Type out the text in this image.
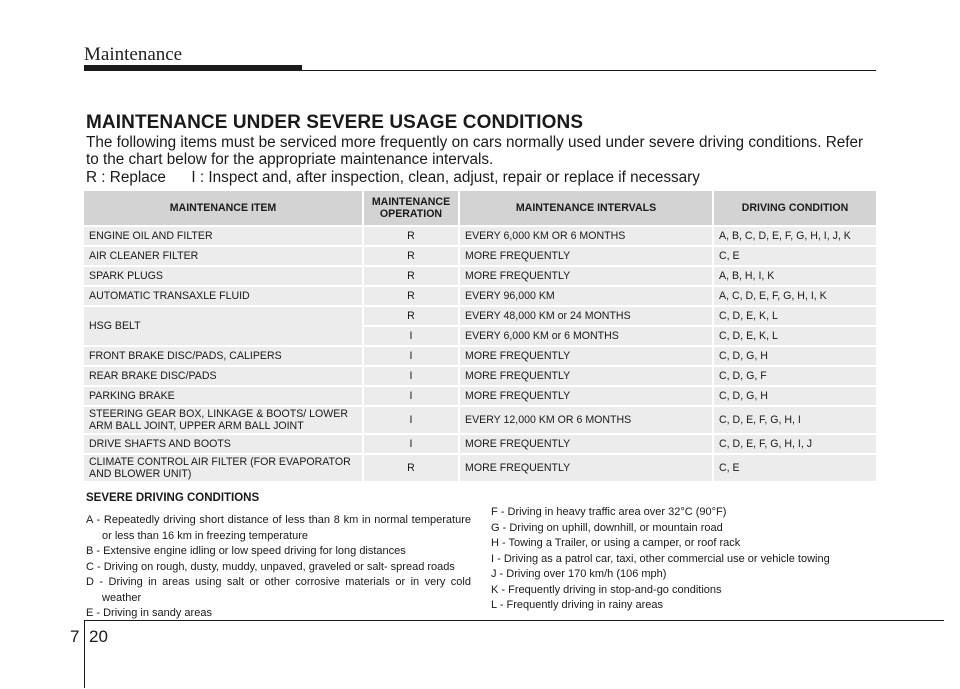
Maintenance
MAINTENANCE UNDER SEVERE USAGE CONDITIONS
The following items must be serviced more frequently on cars normally used under severe driving conditions. Refer to the chart below for the appropriate maintenance intervals.
R : Replace      I : Inspect and, after inspection, clean, adjust, repair or replace if necessary
MAINTENANCE ITEM	MAINTENANCE OPERATION	MAINTENANCE INTERVALS	DRIVING CONDITION
ENGINE OIL AND FILTER	R	EVERY 6,000 KM OR 6 MONTHS	A, B, C, D, E, F, G, H, I, J, K
AIR CLEANER FILTER	R	MORE FREQUENTLY	C, E
SPARK PLUGS	R	MORE FREQUENTLY	A, B, H, I, K
AUTOMATIC TRANSAXLE FLUID	R	EVERY 96,000 KM	A, C, D, E, F, G, H, I, K
HSG BELT	R	EVERY 48,000 KM or 24 MONTHS	C, D, E, K, L
	I	EVERY 6,000 KM or 6 MONTHS	C, D, E, K, L
FRONT BRAKE DISC/PADS, CALIPERS	I	MORE FREQUENTLY	C, D, G, H
REAR BRAKE DISC/PADS	I	MORE FREQUENTLY	C, D, G, F
PARKING BRAKE	I	MORE FREQUENTLY	C, D, G, H
STEERING GEAR BOX, LINKAGE & BOOTS/ LOWER ARM BALL JOINT, UPPER ARM BALL JOINT	I	EVERY 12,000 KM OR 6 MONTHS	C, D, E, F, G, H, I
DRIVE SHAFTS AND BOOTS	I	MORE FREQUENTLY	C, D, E, F, G, H, I, J
CLIMATE CONTROL AIR FILTER (FOR EVAPORATOR AND BLOWER UNIT)	R	MORE FREQUENTLY	C, E
SEVERE DRIVING CONDITIONS
A - Repeatedly driving short distance of less than 8 km in normal temperature or less than 16 km in freezing temperature
B - Extensive engine idling or low speed driving for long distances
C - Driving on rough, dusty, muddy, unpaved, graveled or salt- spread roads
D - Driving in areas using salt or other corrosive materials or in very cold weather
E - Driving in sandy areas
F - Driving in heavy traffic area over 32°C (90°F)
G - Driving on uphill, downhill, or mountain road
H - Towing a Trailer, or using a camper, or roof rack
I - Driving as a patrol car, taxi, other commercial use or vehicle towing
J - Driving over 170 km/h (106 mph)
K - Frequently driving in stop-and-go conditions
L - Frequently driving in rainy areas
7 20
